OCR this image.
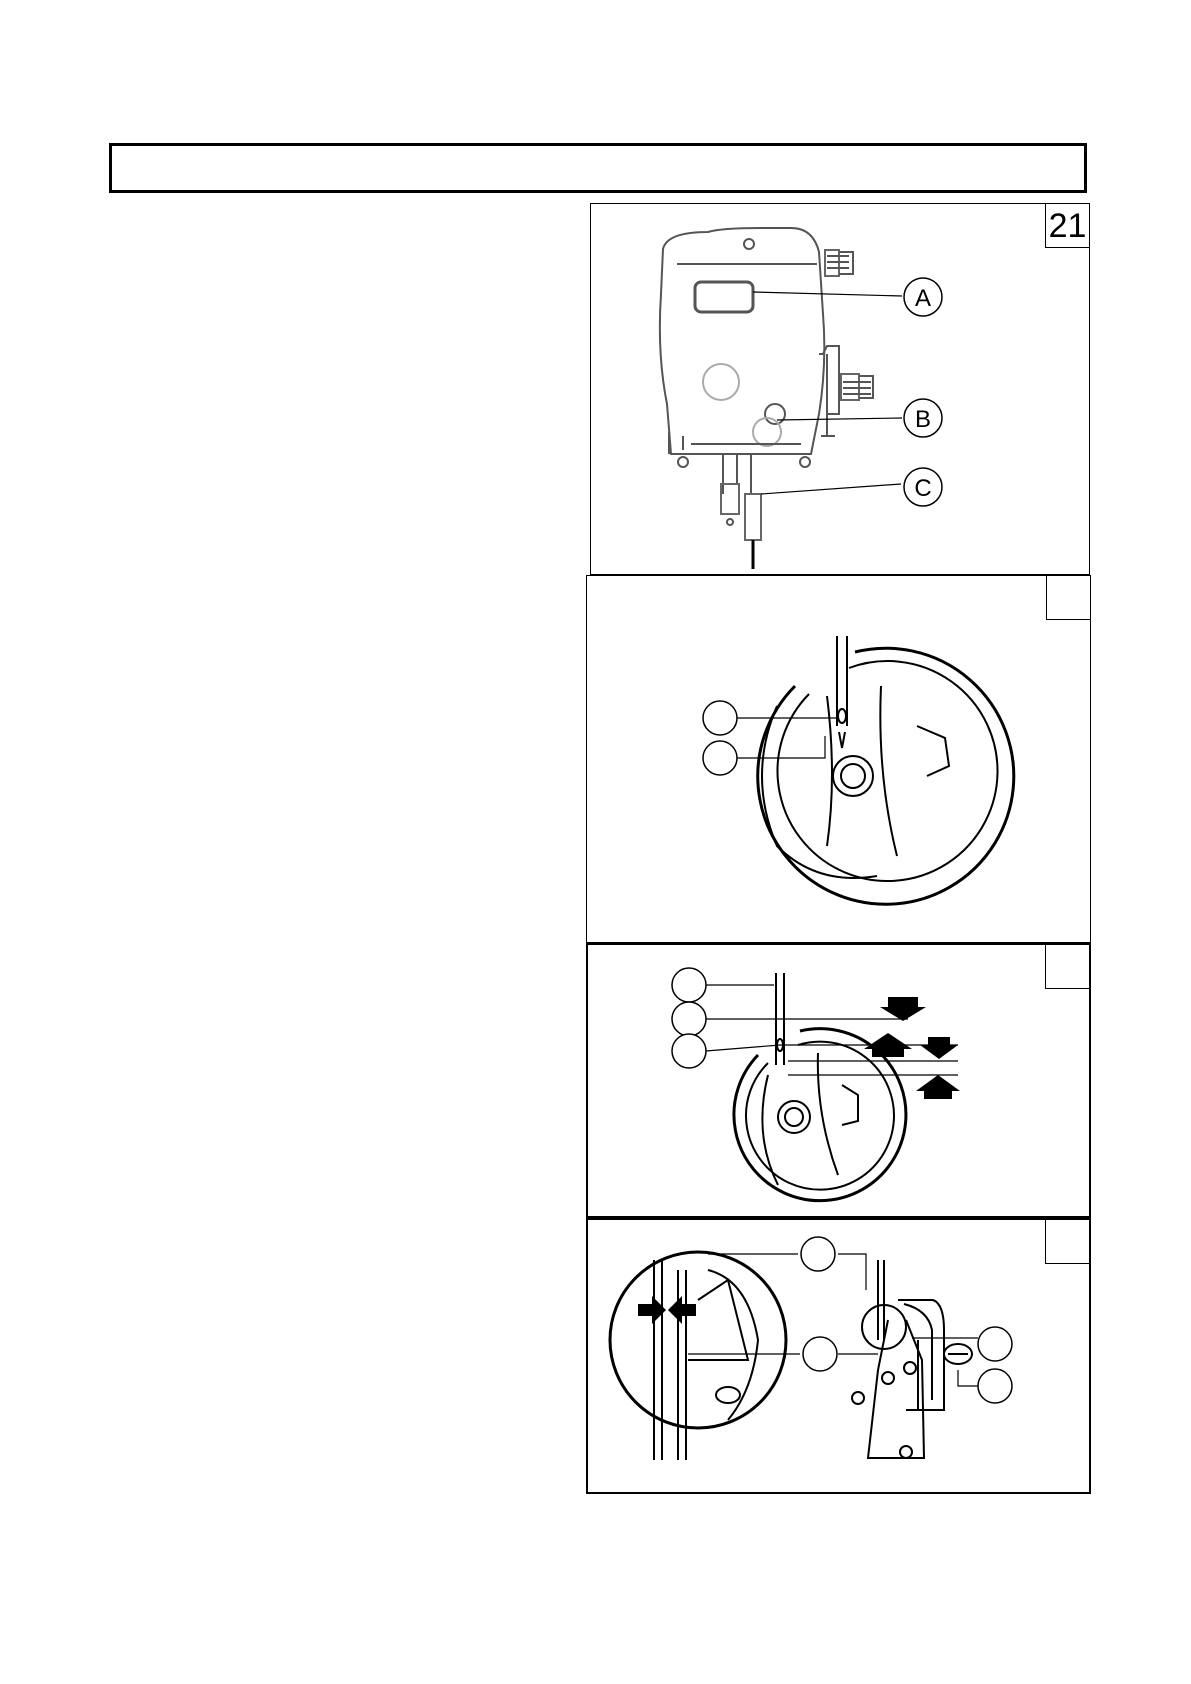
A
B
C
21
